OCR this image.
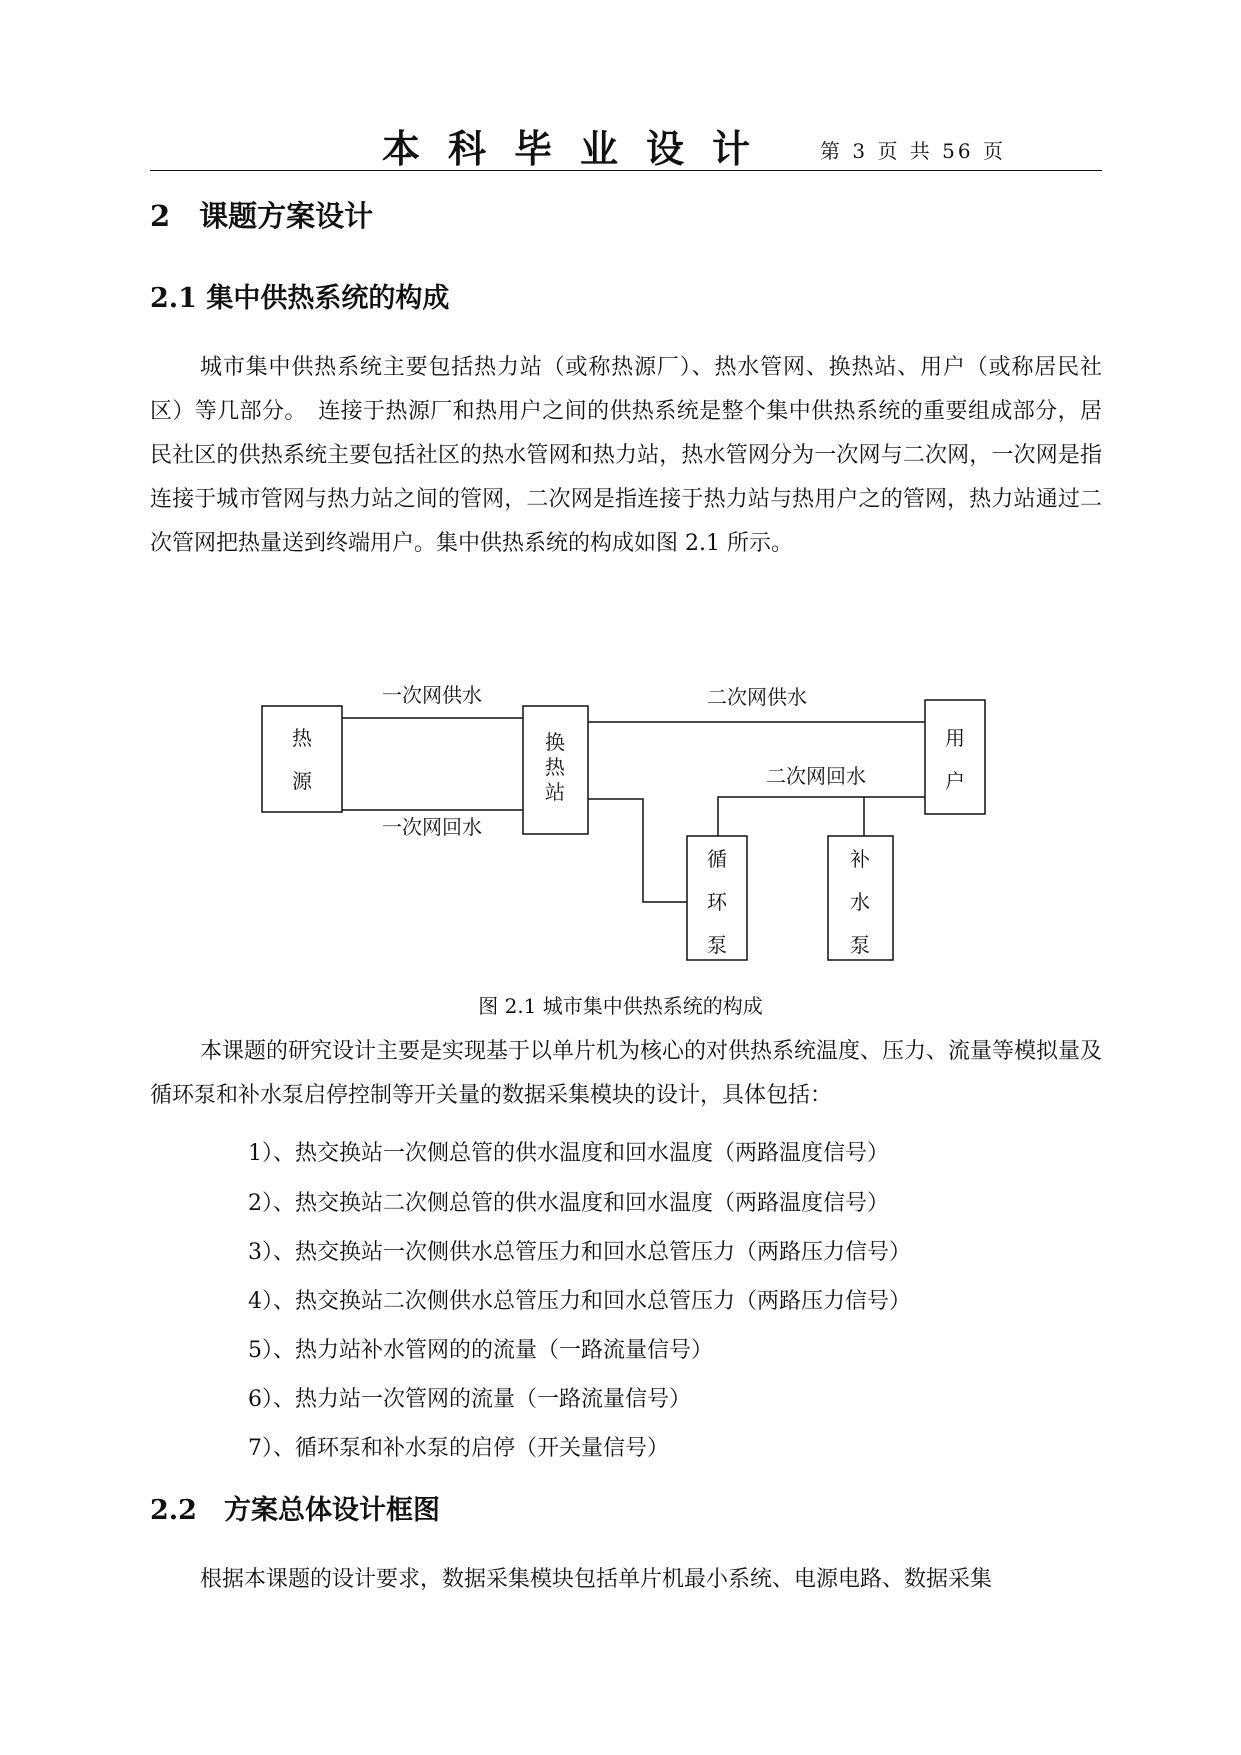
本科毕业设计 第 3 页 共 56 页
2　课题方案设计
2.1 集中供热系统的构成
城市集中供热系统主要包括热力站（或称热源厂）、热水管网、换热站、用户（或称居民社区）等几部分。　连接于热源厂和热用户之间的供热系统是整个集中供热系统的重要组成部分，居民社区的供热系统主要包括社区的热水管网和热力站，热水管网分为一次网与二次网，一次网是指连接于城市管网与热力站之间的管网，二次网是指连接于热力站与热用户之的管网，热力站通过二次管网把热量送到终端用户。集中供热系统的构成如图 2.1 所示。
热
源
换
热
站
用
户
循
环
泵
补
水
泵
一次网供水
一次网回水
二次网供水
二次网回水
图 2.1 城市集中供热系统的构成
本课题的研究设计主要是实现基于以单片机为核心的对供热系统温度、压力、流量等模拟量及循环泵和补水泵启停控制等开关量的数据采集模块的设计，具体包括：
1）、热交换站一次侧总管的供水温度和回水温度（两路温度信号）
2）、热交换站二次侧总管的供水温度和回水温度（两路温度信号）
3）、热交换站一次侧供水总管压力和回水总管压力（两路压力信号）
4）、热交换站二次侧供水总管压力和回水总管压力（两路压力信号）
5）、热力站补水管网的的流量（一路流量信号）
6）、热力站一次管网的流量（一路流量信号）
7）、循环泵和补水泵的启停（开关量信号）
2.2　方案总体设计框图
根据本课题的设计要求，数据采集模块包括单片机最小系统、电源电路、数据采集
